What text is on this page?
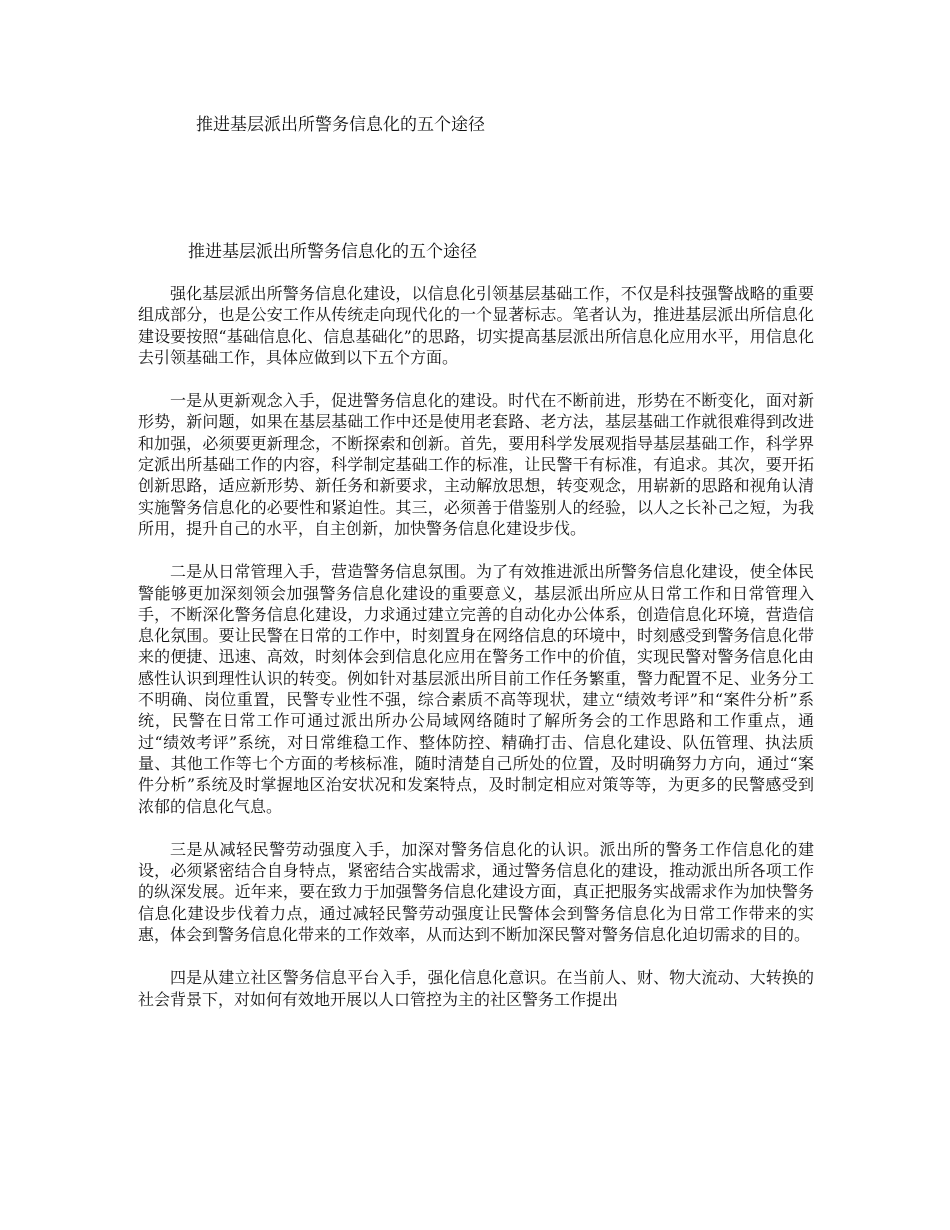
推进基层派出所警务信息化的五个途径
推进基层派出所警务信息化的五个途径

强化基层派出所警务信息化建设，以信息化引领基层基础工作，不仅是科技强警战略的重要组成部分，也是公安工作从传统走向现代化的一个显著标志。笔者认为，推进基层派出所信息化建设要按照“基础信息化、信息基础化”的思路，切实提高基层派出所信息化应用水平，用信息化去引领基础工作，具体应做到以下五个方面。

一是从更新观念入手，促进警务信息化的建设。时代在不断前进，形势在不断变化，面对新形势，新问题，如果在基层基础工作中还是使用老套路、老方法，基层基础工作就很难得到改进和加强，必须要更新理念，不断探索和创新。首先，要用科学发展观指导基层基础工作，科学界定派出所基础工作的内容，科学制定基础工作的标准，让民警干有标准，有追求。其次，要开拓创新思路，适应新形势、新任务和新要求，主动解放思想，转变观念，用崭新的思路和视角认清实施警务信息化的必要性和紧迫性。其三，必须善于借鉴别人的经验，以人之长补己之短，为我所用，提升自己的水平，自主创新，加快警务信息化建设步伐。

二是从日常管理入手，营造警务信息氛围。为了有效推进派出所警务信息化建设，使全体民警能够更加深刻领会加强警务信息化建设的重要意义，基层派出所应从日常工作和日常管理入手，不断深化警务信息化建设，力求通过建立完善的自动化办公体系，创造信息化环境，营造信息化氛围。要让民警在日常的工作中，时刻置身在网络信息的环境中，时刻感受到警务信息化带来的便捷、迅速、高效，时刻体会到信息化应用在警务工作中的价值，实现民警对警务信息化由感性认识到理性认识的转变。例如针对基层派出所目前工作任务繁重，警力配置不足、业务分工不明确、岗位重置，民警专业性不强，综合素质不高等现状，建立“绩效考评”和“案件分析”系统，民警在日常工作可通过派出所办公局域网络随时了解所务会的工作思路和工作重点，通过“绩效考评”系统，对日常维稳工作、整体防控、精确打击、信息化建设、队伍管理、执法质量、其他工作等七个方面的考核标准，随时清楚自己所处的位置，及时明确努力方向，通过“案件分析”系统及时掌握地区治安状况和发案特点，及时制定相应对策等等，为更多的民警感受到浓郁的信息化气息。

三是从减轻民警劳动强度入手，加深对警务信息化的认识。派出所的警务工作信息化的建设，必须紧密结合自身特点，紧密结合实战需求，通过警务信息化的建设，推动派出所各项工作的纵深发展。近年来，要在致力于加强警务信息化建设方面，真正把服务实战需求作为加快警务信息化建设步伐着力点，通过减轻民警劳动强度让民警体会到警务信息化为日常工作带来的实惠，体会到警务信息化带来的工作效率，从而达到不断加深民警对警务信息化迫切需求的目的。

四是从建立社区警务信息平台入手，强化信息化意识。在当前人、财、物大流动、大转换的社会背景下，对如何有效地开展以人口管控为主的社区警务工作提出
